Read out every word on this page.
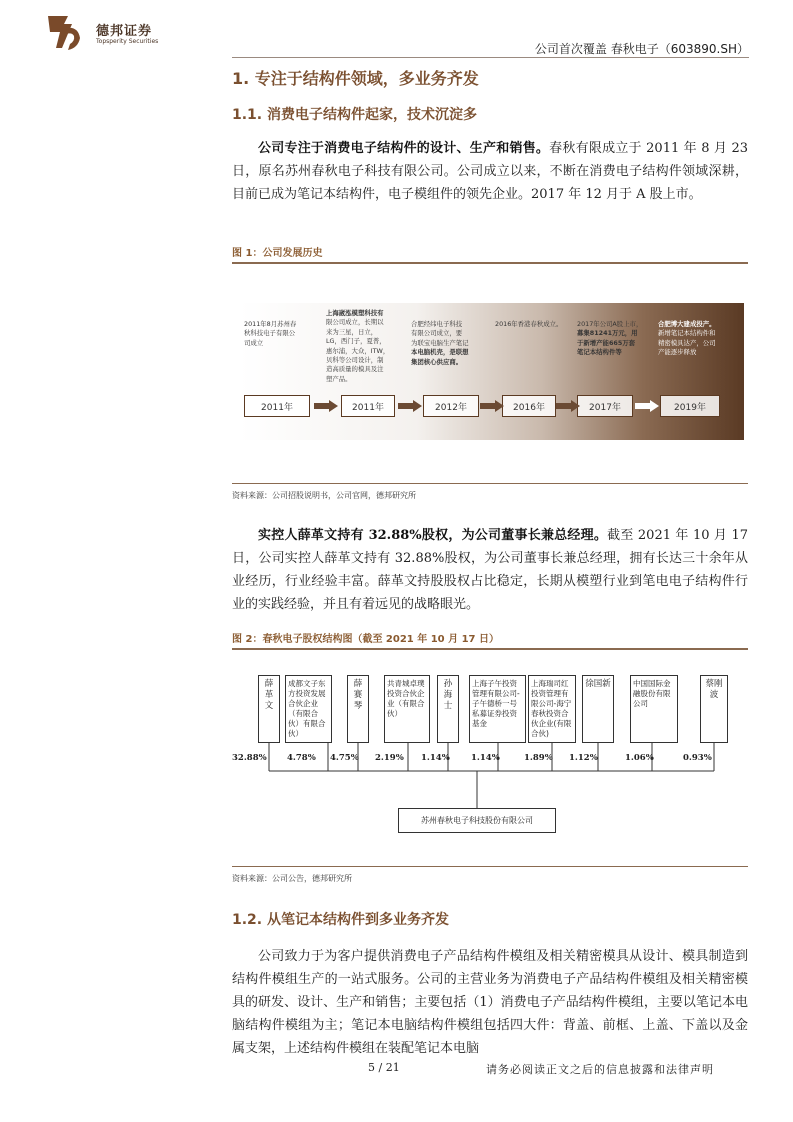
德邦证券
Topsperity Securities
公司首次覆盖 春秋电子（603890.SH）
1. 专注于结构件领域，多业务齐发
1.1. 消费电子结构件起家，技术沉淀多

公司专注于消费电子结构件的设计、生产和销售。春秋有限成立于 2011 年 8 月 23 日，原名苏州春秋电子科技有限公司。公司成立以来，不断在消费电子结构件领域深耕，目前已成为笔记本结构件，电子模组件的领先企业。2017 年 12 月于 A 股上市。

图 1：公司发展历史
2011年8月苏州春
秋科技电子有限公
司成立
上海崴泓模塑科技有
限公司成立，长期以
来为三星，日立，
LG，西门子，夏普，
惠尔浦，大众，ITW，
贝科等公司设计，制
造高质量的模具及注
塑产品。
合肥经纬电子科技
有限公司成立，要
为联宝电脑生产笔记
本电脑机壳，是联想
集团核心供应商。
2016年香港春秋成立。 2017年公司A股上市，
募集81241万元，用
于新增产能665万套
笔记本结构件等
合肥博大建成投产。
新增笔记本结构件和
精密模具达产，公司
产能逐步释放
2011年	2011年	2012年	2016年	2017年	2019年
资料来源：公司招股说明书，公司官网，德邦研究所

实控人薛革文持有 32.88%股权，为公司董事长兼总经理。截至 2021 年 10 月 17 日，公司实控人薛革文持有 32.88%股权，为公司董事长兼总经理，拥有长达三十余年从业经历，行业经验丰富。薛革文持股股权占比稳定，长期从模塑行业到笔电电子结构件行业的实践经验，并且有着远见的战略眼光。

图 2：春秋电子股权结构图（截至 2021 年 10 月 17 日）
薛革文
成都文子东方投资发展合伙企业（有限合伙）有限合伙）
薛赛琴
共青城卓璞投资合伙企业（有限合伙）
孙海士
上海子午投资管理有限公司-子午德桥一号私募证券投资基金
上海瑞司红投资管理有限公司-海宁春秋投资合伙企业(有限合伙)
徐国新	中国国际金融股份有限公司
蔡刚波
32.88% 4.78% 4.75% 2.19% 1.14% 1.14%	1.89% 1.12%	1.06%	0.93%
苏州春秋电子科技股份有限公司
资料来源：公司公告，德邦研究所
1.2. 从笔记本结构件到多业务齐发

公司致力于为客户提供消费电子产品结构件模组及相关精密模具从设计、模具制造到结构件模组生产的一站式服务。公司的主营业务为消费电子产品结构件模组及相关精密模具的研发、设计、生产和销售；主要包括（1）消费电子产品结构件模组，主要以笔记本电脑结构件模组为主；笔记本电脑结构件模组包括四大件：背盖、前框、上盖、下盖以及金属支架，上述结构件模组在装配笔记本电脑

5 / 21	请务必阅读正文之后的信息披露和法律声明
